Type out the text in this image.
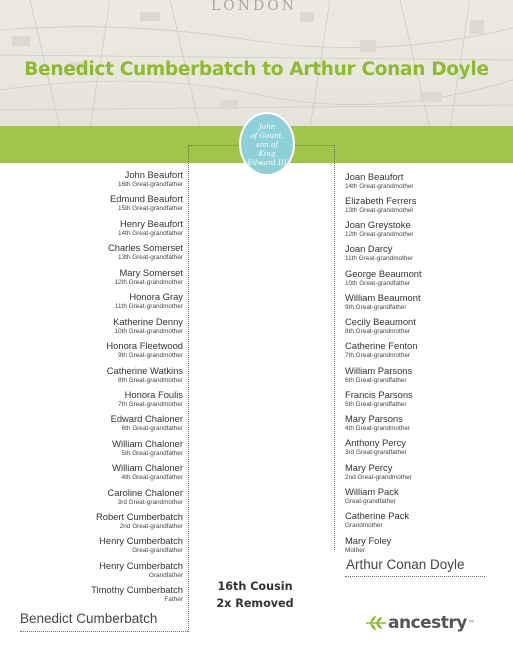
LONDON
Benedict Cumberbatch to Arthur Conan Doyle
John
of Gaunt,
son of
King
Edward III
John Beaufort
16th Great-grandfather
Edmund Beaufort
15th Great-grandfather
Henry Beaufort
14th Great-grandfather
Charles Somerset
13th Great-grandfather
Mary Somerset
12th Great-grandmother
Honora Gray
11th Great-grandmother
Katherine Denny
10th Great-grandmother
Honora Fleetwood
9th Great-grandmother
Catherine Watkins
8th Great-grandmother
Honora Foulis
7th Great-grandmother
Edward Chaloner
6th Great-grandfather
William Chaloner
5th Great-grandfather
William Chaloner
4th Great-grandfather
Caroline Chaloner
3rd Great-grandmother
Robert Cumberbatch
2nd Great-grandfather
Henry Cumberbatch
Great-grandfather
Henry Cumberbatch
Grandfather
Timothy Cumberbatch
Father
Joan Beaufort
14th Great-grandmother
Elizabeth Ferrers
13th Great-grandmother
Joan Greystoke
12th Great-grandmother
Joan Darcy
11th Great-grandmother
George Beaumont
10th Great-grandfather
William Beaumont
9th Great-grandfather
Cecily Beaumont
8th Great-grandmother
Catherine Fenton
7th Great-grandmother
William Parsons
6th Great-grandfather
Francis Parsons
5th Great-grandfather
Mary Parsons
4th Great-grandmother
Anthony Percy
3rd Great-grandfather
Mary Percy
2nd Great-grandmother
William Pack
Great-grandfather
Catherine Pack
Grandmother
Mary Foley
Mother
Arthur Conan Doyle
Benedict Cumberbatch
16th Cousin
2x Removed
ancestry ™
